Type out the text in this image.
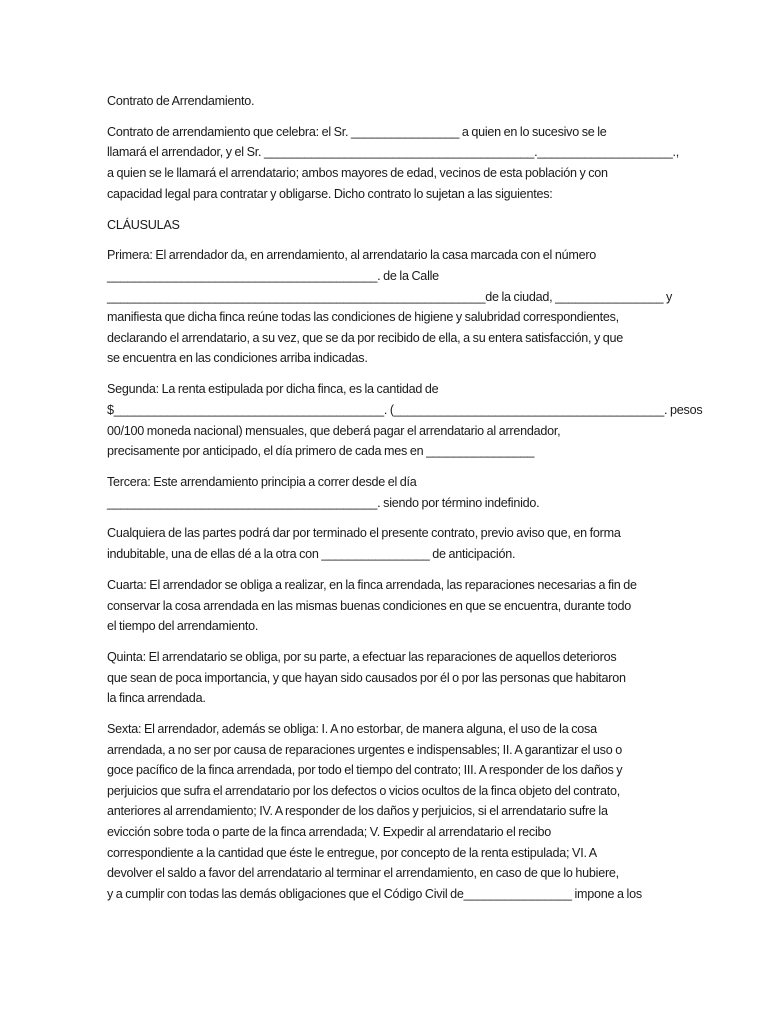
Contrato de Arrendamiento.
Contrato de arrendamiento que celebra: el Sr. ________________ a quien en lo sucesivo se le
llamará el arrendador, y el Sr. ________________________________________.____________________.,
a quien se le llamará el arrendatario; ambos mayores de edad, vecinos de esta población y con
capacidad legal para contratar y obligarse. Dicho contrato lo sujetan a las siguientes:
CLÁUSULAS
Primera: El arrendador da, en arrendamiento, al arrendatario la casa marcada con el número
________________________________________. de la Calle
________________________________________________________de la ciudad, ________________ y
manifiesta que dicha finca reúne todas las condiciones de higiene y salubridad correspondientes,
declarando el arrendatario, a su vez, que se da por recibido de ella, a su entera satisfacción, y que
se encuentra en las condiciones arriba indicadas.
Segunda: La renta estipulada por dicha finca, es la cantidad de
$________________________________________. (________________________________________. pesos
00/100 moneda nacional) mensuales, que deberá pagar el arrendatario al arrendador,
precisamente por anticipado, el día primero de cada mes en ________________
Tercera: Este arrendamiento principia a correr desde el día
________________________________________. siendo por término indefinido.
Cualquiera de las partes podrá dar por terminado el presente contrato, previo aviso que, en forma
indubitable, una de ellas dé a la otra con ________________ de anticipación.
Cuarta: El arrendador se obliga a realizar, en la finca arrendada, las reparaciones necesarias a fin de
conservar la cosa arrendada en las mismas buenas condiciones en que se encuentra, durante todo
el tiempo del arrendamiento.
Quinta: El arrendatario se obliga, por su parte, a efectuar las reparaciones de aquellos deterioros
que sean de poca importancia, y que hayan sido causados por él o por las personas que habitaron
la finca arrendada.
Sexta: El arrendador, además se obliga: I. A no estorbar, de manera alguna, el uso de la cosa
arrendada, a no ser por causa de reparaciones urgentes e indispensables; II. A garantizar el uso o
goce pacífico de la finca arrendada, por todo el tiempo del contrato; III. A responder de los daños y
perjuicios que sufra el arrendatario por los defectos o vicios ocultos de la finca objeto del contrato,
anteriores al arrendamiento; IV. A responder de los daños y perjuicios, si el arrendatario sufre la
evicción sobre toda o parte de la finca arrendada; V. Expedir al arrendatario el recibo
correspondiente a la cantidad que éste le entregue, por concepto de la renta estipulada; VI. A
devolver el saldo a favor del arrendatario al terminar el arrendamiento, en caso de que lo hubiere,
y a cumplir con todas las demás obligaciones que el Código Civil de________________ impone a los
